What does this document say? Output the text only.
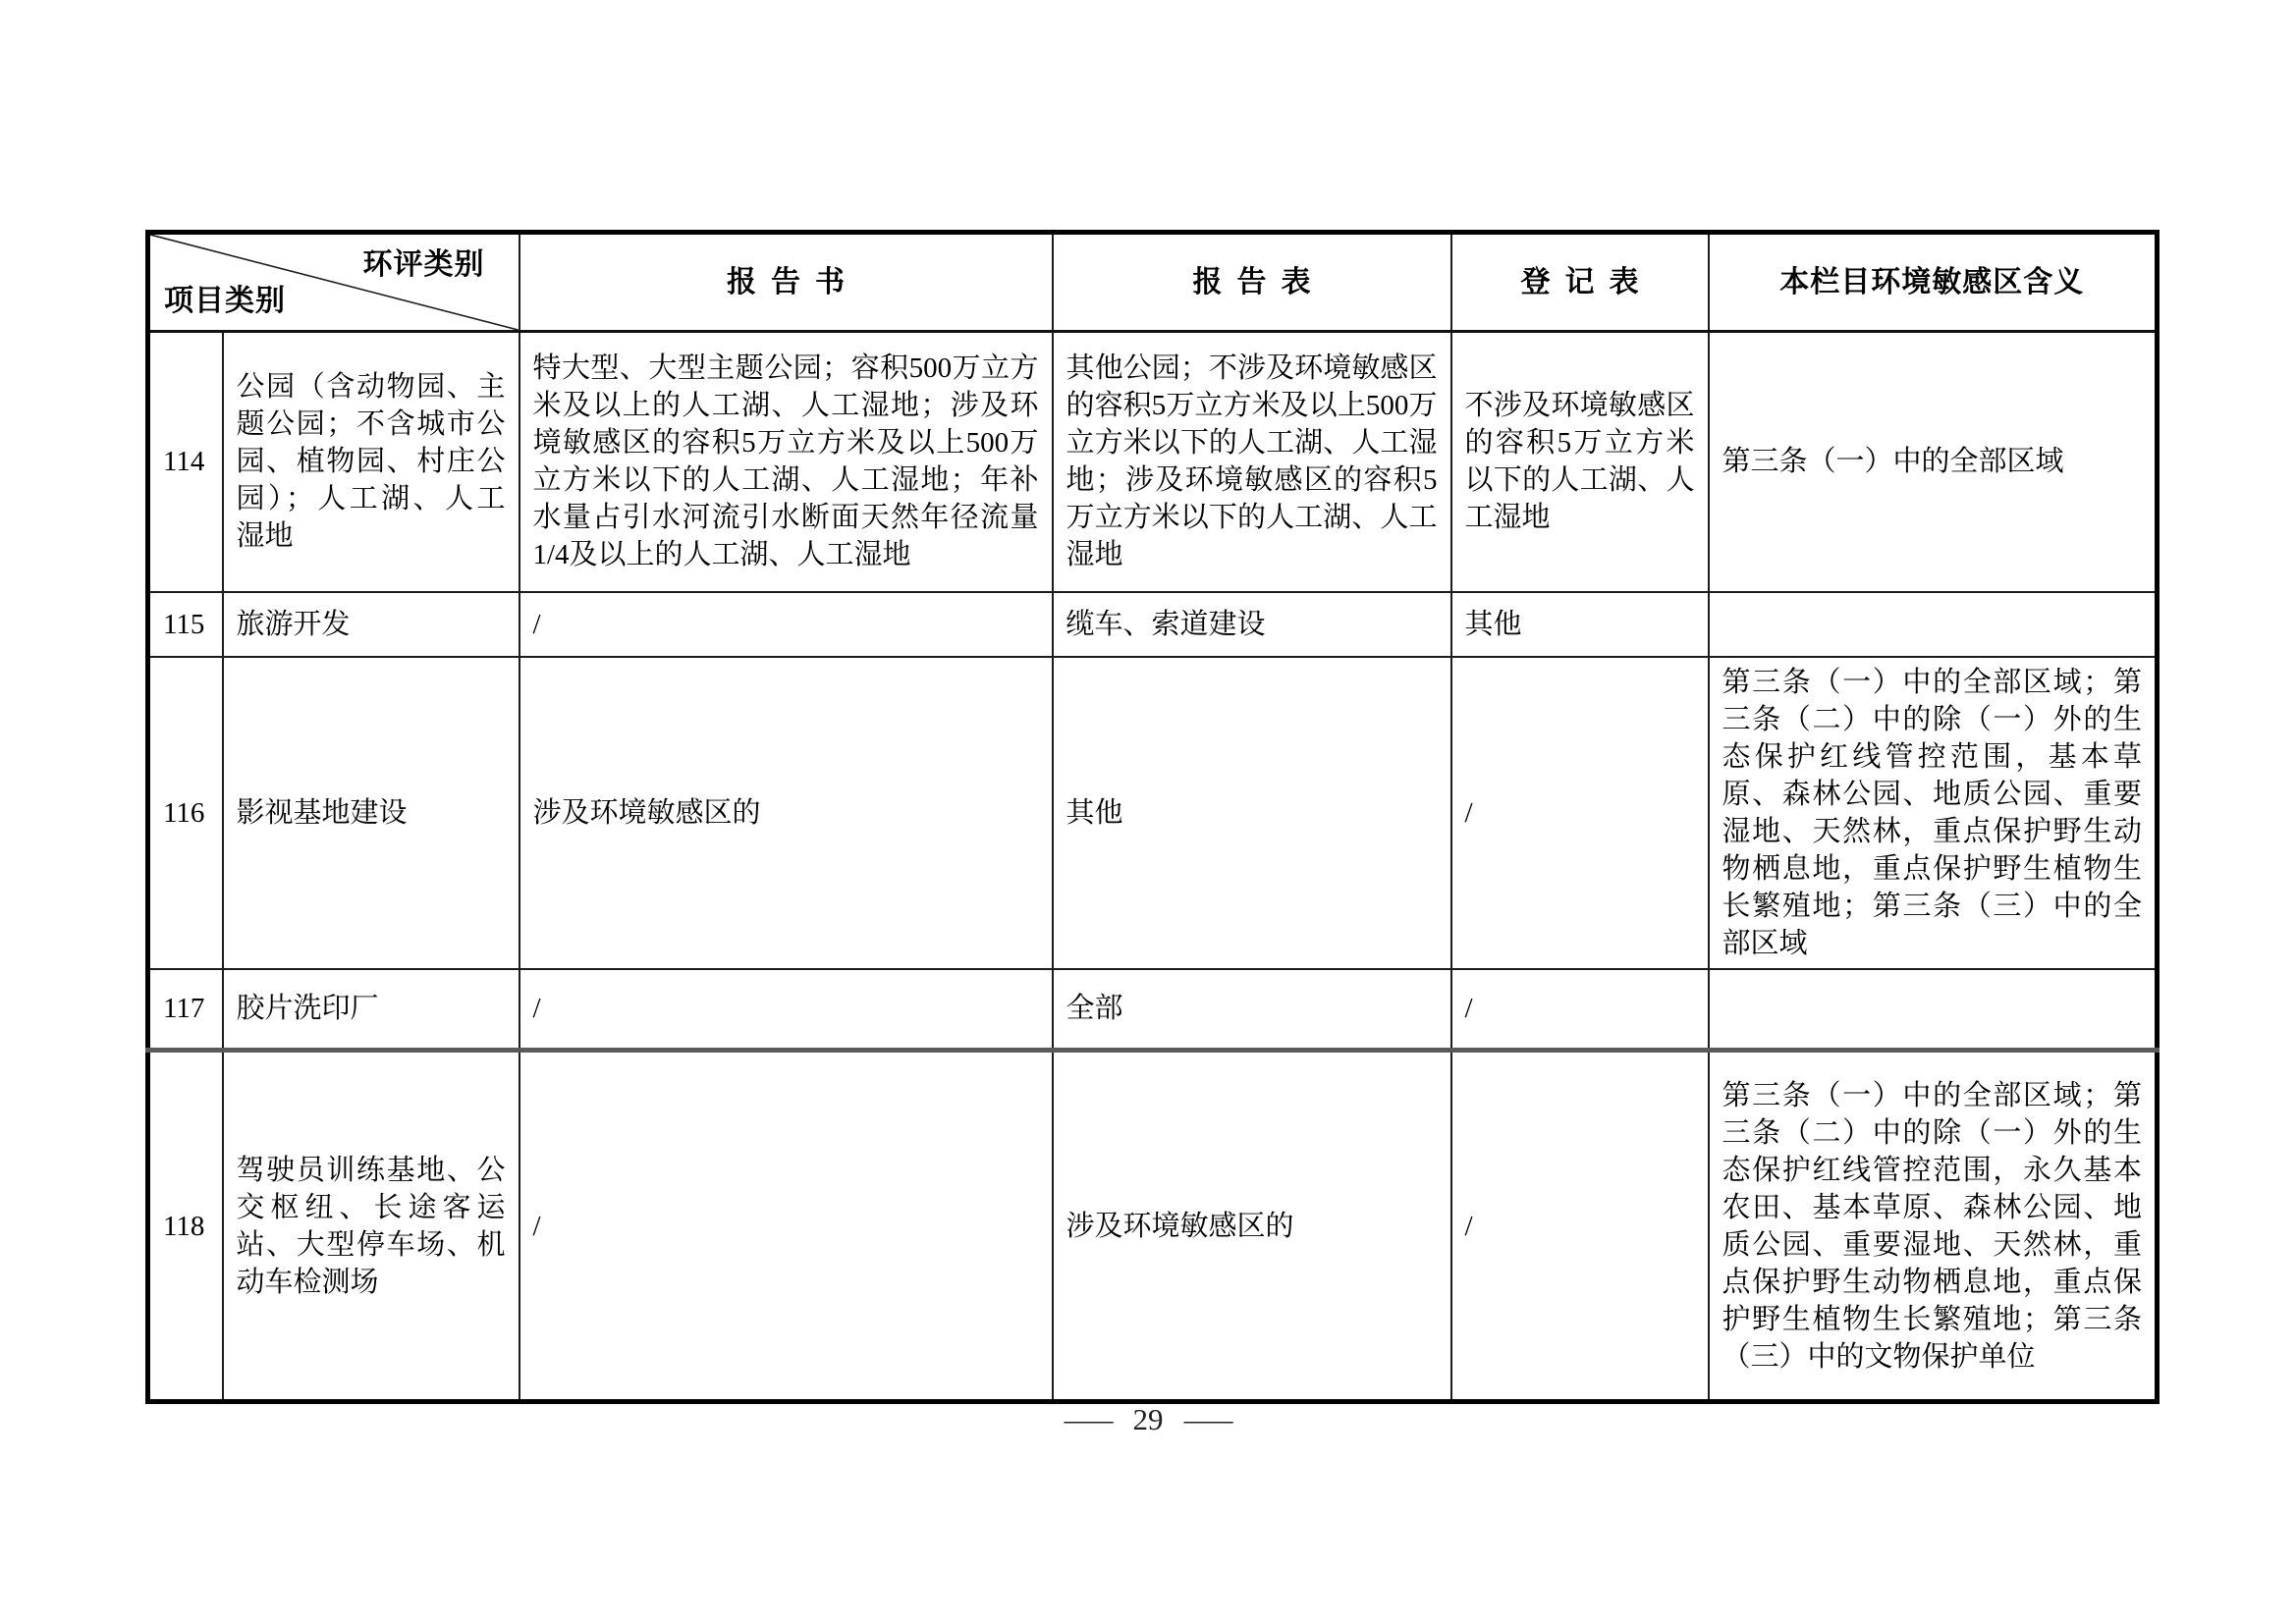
环评类别
项目类别		报告书	报告表	登记表	本栏目环境敏感区含义
114	公园（含动物园、主题公园；不含城市公园、植物园、村庄公园）；人工湖、人工湿地	特大型、大型主题公园；容积500万立方米及以上的人工湖、人工湿地；涉及环境敏感区的容积5万立方米及以上500万立方米以下的人工湖、人工湿地；年补水量占引水河流引水断面天然年径流量1/4及以上的人工湖、人工湿地	其他公园；不涉及环境敏感区的容积5万立方米及以上500万立方米以下的人工湖、人工湿地；涉及环境敏感区的容积5万立方米以下的人工湖、人工湿地	不涉及环境敏感区的容积5万立方米以下的人工湖、人工湿地	第三条（一）中的全部区域
115	旅游开发	/	缆车、索道建设	其他	
116	影视基地建设	涉及环境敏感区的	其他	/	第三条（一）中的全部区域；第三条（二）中的除（一）外的生态保护红线管控范围，基本草原、森林公园、地质公园、重要湿地、天然林，重点保护野生动物栖息地，重点保护野生植物生长繁殖地；第三条（三）中的全部区域
117	胶片洗印厂	/	全部	/	
118	驾驶员训练基地、公交枢纽、长途客运站、大型停车场、机动车检测场	/	涉及环境敏感区的	/	第三条（一）中的全部区域；第三条（二）中的除（一）外的生态保护红线管控范围，永久基本农田、基本草原、森林公园、地质公园、重要湿地、天然林，重点保护野生动物栖息地，重点保护野生植物生长繁殖地；第三条（三）中的文物保护单位
— 29 —
